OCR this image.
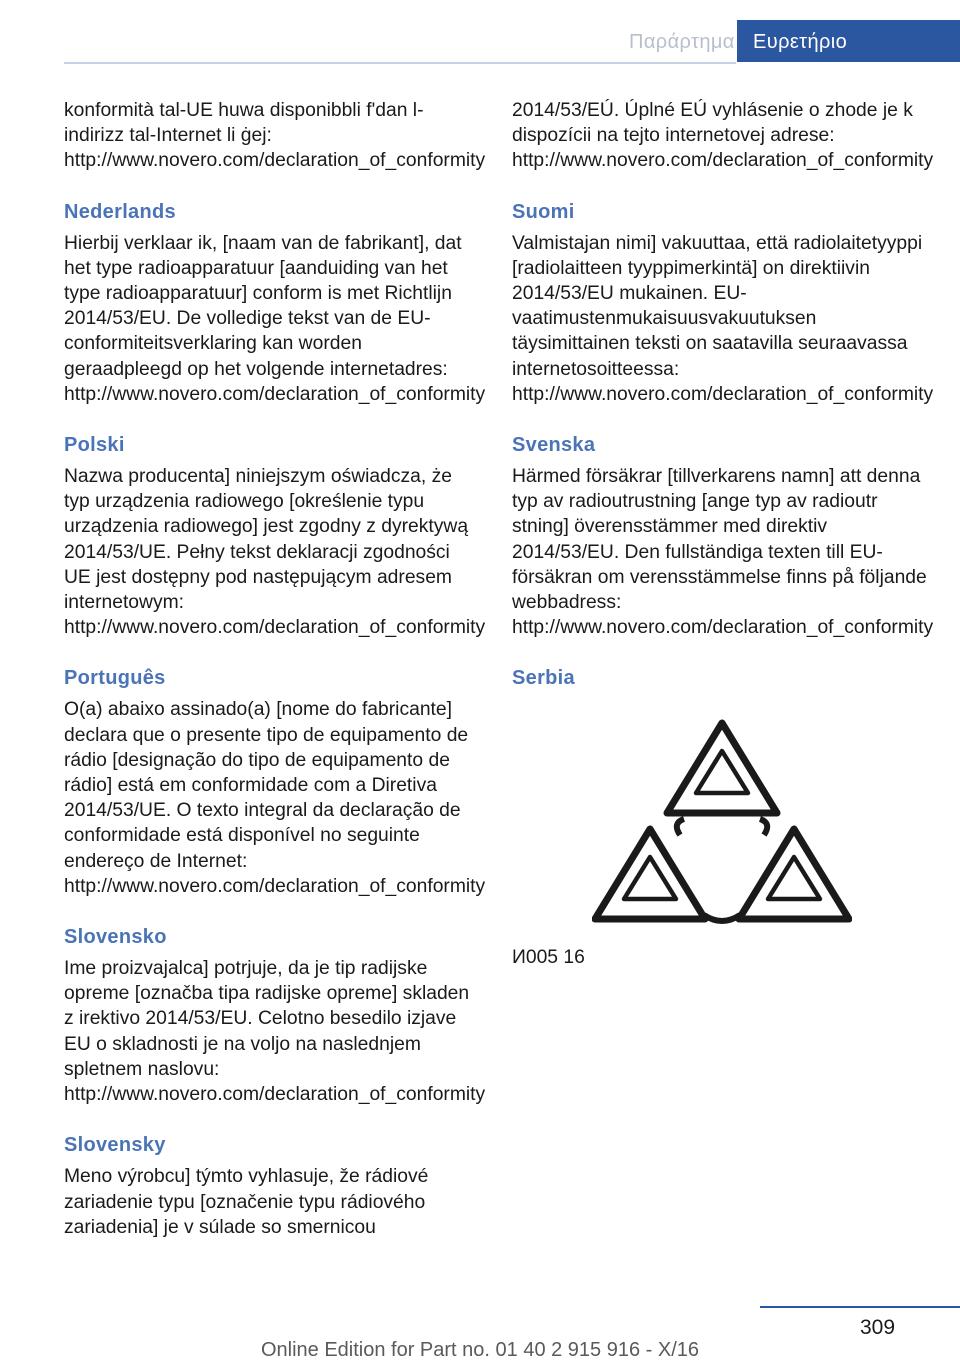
Παράρτημα Ευρετήριο

konformità tal-UE huwa disponibbli f'dan l-indirizz tal-Internet li ġej: http://www.novero.com/declaration_of_conformity

Nederlands

Hierbij verklaar ik, [naam van de fabrikant], dat het type radioapparatuur [aanduiding van het type radioapparatuur] conform is met Richtlijn 2014/53/EU. De volledige tekst van de EU-conformiteitsverklaring kan worden geraadpleegd op het volgende internetadres: http://www.novero.com/declaration_of_conformity

Polski

Nazwa producenta] niniejszym oświadcza, że typ urządzenia radiowego [określenie typu urządzenia radiowego] jest zgodny z dyrektywą 2014/53/UE. Pełny tekst deklaracji zgodności UE jest dostępny pod następującym adresem internetowym: http://www.novero.com/declaration_of_conformity

Português

O(a) abaixo assinado(a) [nome do fabricante] declara que o presente tipo de equipamento de rádio [designação do tipo de equipamento de rádio] está em conformidade com a Diretiva 2014/53/UE. O texto integral da declaração de conformidade está disponível no seguinte endereço de Internet: http://www.novero.com/declaration_of_conformity

Slovensko

Ime proizvajalca] potrjuje, da je tip radijske opreme [označba tipa radijske opreme] skladen z irektivo 2014/53/EU. Celotno besedilo izjave EU o skladnosti je na voljo na naslednjem spletnem naslovu: http://www.novero.com/declaration_of_conformity

Slovensky

Meno výrobcu] týmto vyhlasuje, že rádiové zariadenie typu [označenie typu rádiového zariadenia] je v súlade so smernicou

2014/53/EÚ. Úplné EÚ vyhlásenie o zhode je k dispozícii na tejto internetovej adrese: http://www.novero.com/declaration_of_conformity

Suomi

Valmistajan nimi] vakuuttaa, että radiolaitetyyppi [radiolaitteen tyyppimerkintä] on direktiivin 2014/53/EU mukainen. EU-vaatimustenmukaisuusvakuutuksen täysimittainen teksti on saatavilla seuraavassa internetosoitteessa: http://www.novero.com/declaration_of_conformity

Svenska

Härmed försäkrar [tillverkarens namn] att denna typ av radioutrustning [ange typ av radioutr stning] överensstämmer med direktiv 2014/53/EU. Den fullständiga texten till EU-försäkran om verensstämmelse finns på följande webbadress: http://www.novero.com/declaration_of_conformity

Serbia

И005 16

309
Online Edition for Part no. 01 40 2 915 916 - X/16
